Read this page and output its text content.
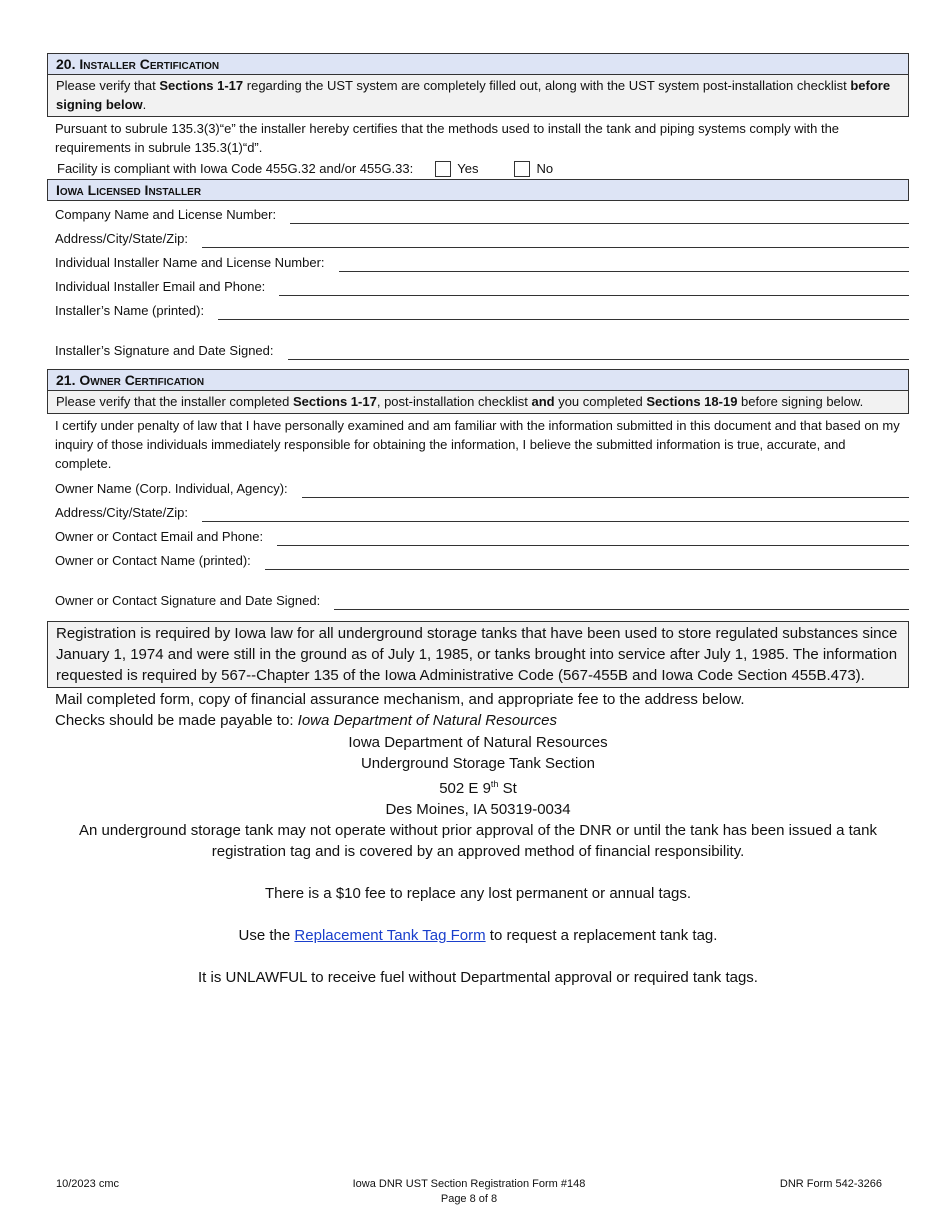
20. Installer Certification
Please verify that Sections 1-17 regarding the UST system are completely filled out, along with the UST system post-installation checklist before signing below.
Pursuant to subrule 135.3(3)“e” the installer hereby certifies that the methods used to install the tank and piping systems comply with the requirements in subrule 135.3(1)“d”.
Facility is compliant with Iowa Code 455G.32 and/or 455G.33:	Yes	No
Iowa Licensed Installer
Company Name and License Number:
Address/City/State/Zip:
Individual Installer Name and License Number:
Individual Installer Email and Phone:
Installer’s Name (printed):
Installer’s Signature and Date Signed:
21. Owner Certification
Please verify that the installer completed Sections 1-17, post-installation checklist and you completed Sections 18-19 before signing below.
I certify under penalty of law that I have personally examined and am familiar with the information submitted in this document and that based on my inquiry of those individuals immediately responsible for obtaining the information, I believe the submitted information is true, accurate, and complete.
Owner Name (Corp. Individual, Agency):
Address/City/State/Zip:
Owner or Contact Email and Phone:
Owner or Contact Name (printed):
Owner or Contact Signature and Date Signed:
Registration is required by Iowa law for all underground storage tanks that have been used to store regulated substances since January 1, 1974 and were still in the ground as of July 1, 1985, or tanks brought into service after July 1, 1985. The information requested is required by 567--Chapter 135 of the Iowa Administrative Code (567-455B and Iowa Code Section 455B.473).
Mail completed form, copy of financial assurance mechanism, and appropriate fee to the address below.
Checks should be made payable to: Iowa Department of Natural Resources
Iowa Department of Natural Resources
Underground Storage Tank Section
502 E 9th St
Des Moines, IA 50319-0034
An underground storage tank may not operate without prior approval of the DNR or until the tank has been issued a tank registration tag and is covered by an approved method of financial responsibility.
There is a $10 fee to replace any lost permanent or annual tags.
Use the Replacement Tank Tag Form to request a replacement tank tag.
It is UNLAWFUL to receive fuel without Departmental approval or required tank tags.
10/2023 cmc	Iowa DNR UST Section Registration Form #148
Page 8 of 8
DNR Form 542-3266
